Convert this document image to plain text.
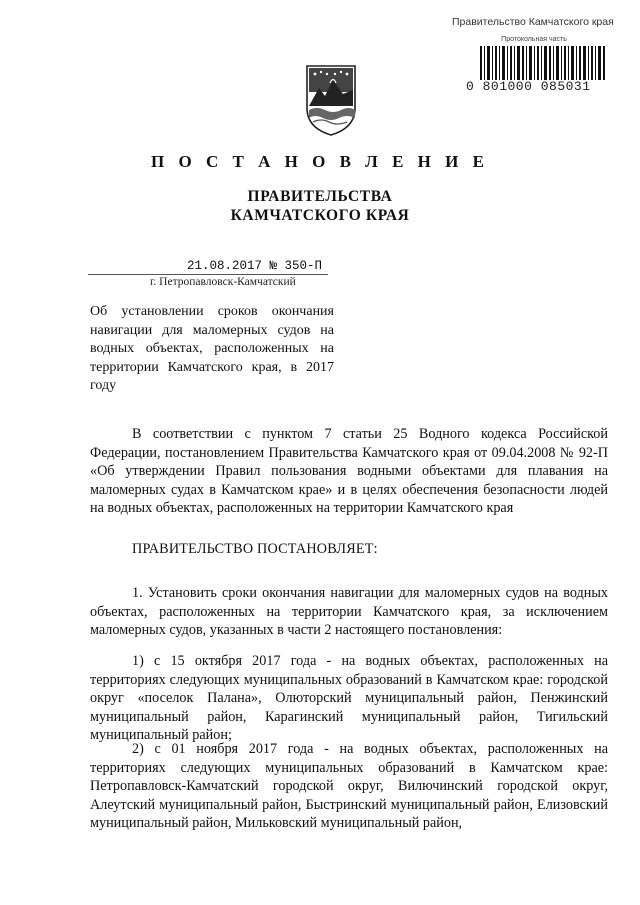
Правительство Камчатского края
Протокольная часть
0 801000 085031
П О С Т А Н О В Л Е Н И Е
ПРАВИТЕЛЬСТВА
КАМЧАТСКОГО КРАЯ
21.08.2017 № 350-П
г. Петропавловск-Камчатский
Об установлении сроков окончания навигации для маломерных судов на водных объектах, расположенных на территории Камчатского края, в 2017 году
В соответствии с пунктом 7 статьи 25 Водного кодекса Российской Федерации, постановлением Правительства Камчатского края от 09.04.2008 № 92-П «Об утверждении Правил пользования водными объектами для плавания на маломерных судах в Камчатском крае» и в целях обеспечения безопасности людей на водных объектах, расположенных на территории Камчатского края
ПРАВИТЕЛЬСТВО ПОСТАНОВЛЯЕТ:
1. Установить сроки окончания навигации для маломерных судов на водных объектах, расположенных на территории Камчатского края, за исключением маломерных судов, указанных в части 2 настоящего постановления:
1) с 15 октября 2017 года - на водных объектах, расположенных на территориях следующих муниципальных образований в Камчатском крае: городской округ «поселок Палана», Олюторский муниципальный район, Пенжинский муниципальный район, Карагинский муниципальный район, Тигильский муниципальный район;
2) с 01 ноября 2017 года - на водных объектах, расположенных на территориях следующих муниципальных образований в Камчатском крае: Петропавловск-Камчатский городской округ, Вилючинский городской округ, Алеутский муниципальный район, Быстринский муниципальный район, Елизовский муниципальный район, Мильковский муниципальный район,
